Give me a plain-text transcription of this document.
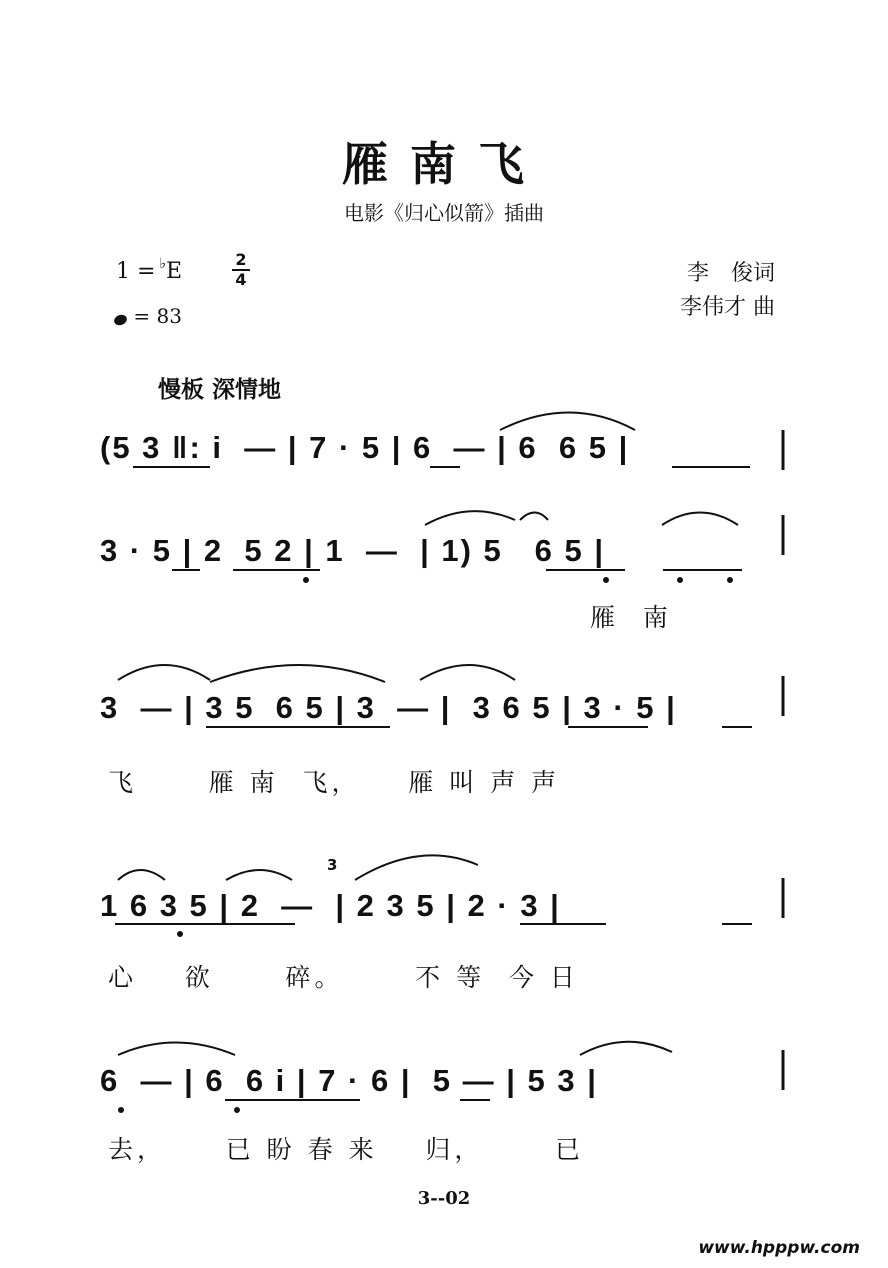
雁南飞
电影《归心似箭》插曲
1 = ♭E	2
4
= 83
李　俊词
李伟才 曲
慢板 深情地
(5 3 ‖: i  — | 7 · 5 | 6  — | 6  6 5 |
3 · 5 | 2  5 2 | 1  —  | 1) 5   6 5 |
雁  南
3  — | 3 5  6 5 | 3  — |  3 6 5 | 3 · 5 |
飞      雁 南  飞，    雁 叫 声 声
1 6 3 5 | 2  —  | 2 3 5 | 2 · 3 |
3
心    欲      碎。      不 等  今 日
6  — | 6  6 i | 7 · 6 |  5 — | 5 3 |
去，     已 盼 春 来    归，      已
3--02
www.hpppw.com
